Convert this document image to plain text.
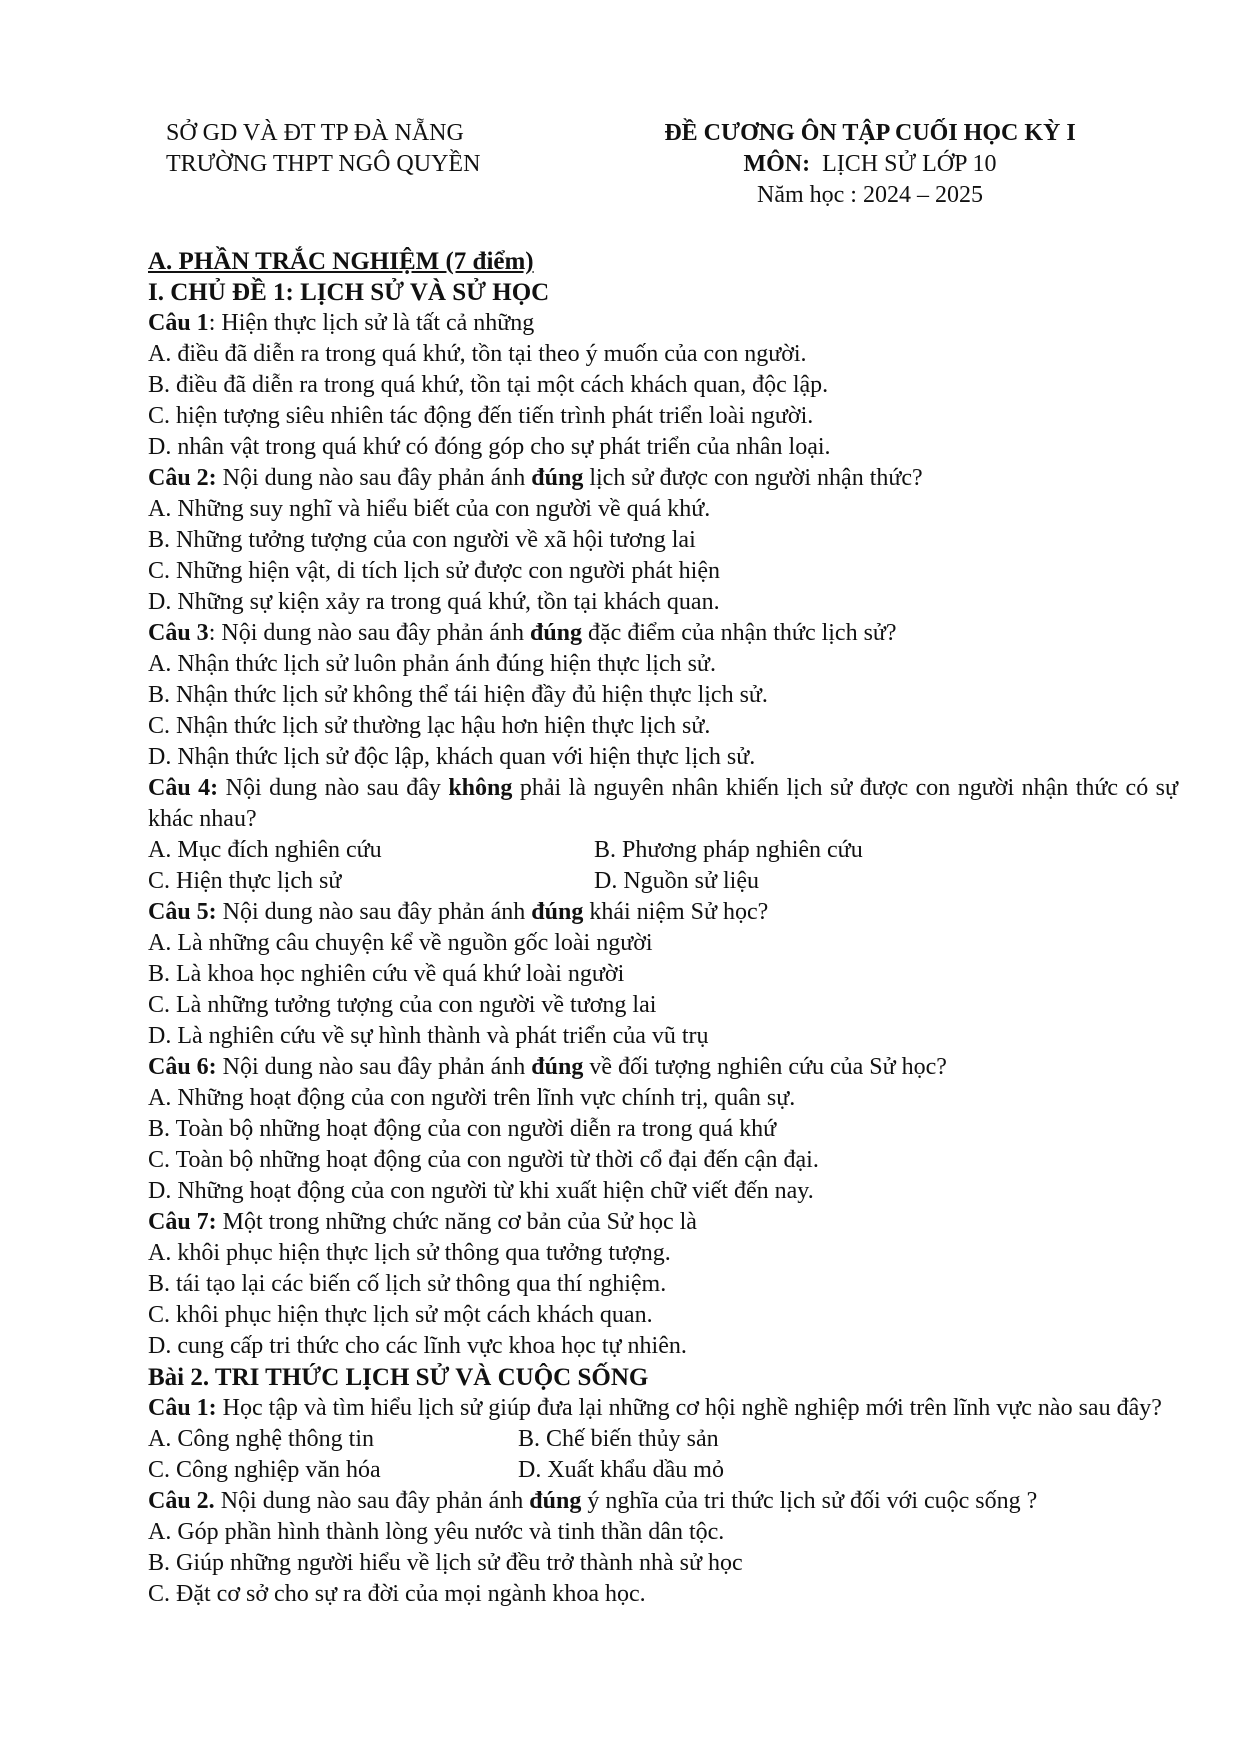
SỞ GD VÀ ĐT TP ĐÀ NẴNG
TRƯỜNG THPT NGÔ QUYỀN
ĐỀ CƯƠNG ÔN TẬP CUỐI HỌC KỲ I
MÔN: LỊCH SỬ LỚP 10
Năm học : 2024 – 2025
A. PHẦN TRẮC NGHIỆM (7 điểm)
I. CHỦ ĐỀ 1: LỊCH SỬ VÀ SỬ HỌC
Câu 1: Hiện thực lịch sử là tất cả những
A. điều đã diễn ra trong quá khứ, tồn tại theo ý muốn của con người.
B. điều đã diễn ra trong quá khứ, tồn tại một cách khách quan, độc lập.
C. hiện tượng siêu nhiên tác động đến tiến trình phát triển loài người.
D. nhân vật trong quá khứ có đóng góp cho sự phát triển của nhân loại.
Câu 2: Nội dung nào sau đây phản ánh đúng lịch sử được con người nhận thức?
A. Những suy nghĩ và hiểu biết của con người về quá khứ.
B. Những tưởng tượng của con người về xã hội tương lai
C. Những hiện vật, di tích lịch sử được con người phát hiện
D. Những sự kiện xảy ra trong quá khứ, tồn tại khách quan.
Câu 3: Nội dung nào sau đây phản ánh đúng đặc điểm của nhận thức lịch sử?
A. Nhận thức lịch sử luôn phản ánh đúng hiện thực lịch sử.
B. Nhận thức lịch sử không thể tái hiện đầy đủ hiện thực lịch sử.
C. Nhận thức lịch sử thường lạc hậu hơn hiện thực lịch sử.
D. Nhận thức lịch sử độc lập, khách quan với hiện thực lịch sử.
Câu 4: Nội dung nào sau đây không phải là nguyên nhân khiến lịch sử được con người nhận thức có sự khác nhau?
A. Mục đích nghiên cứu	B. Phương pháp nghiên cứu
C. Hiện thực lịch sử	D. Nguồn sử liệu
Câu 5: Nội dung nào sau đây phản ánh đúng khái niệm Sử học?
A. Là những câu chuyện kể về nguồn gốc loài người
B. Là khoa học nghiên cứu về quá khứ loài người
C. Là những tưởng tượng của con người về tương lai
D. Là nghiên cứu về sự hình thành và phát triển của vũ trụ
Câu 6: Nội dung nào sau đây phản ánh đúng về đối tượng nghiên cứu của Sử học?
A. Những hoạt động của con người trên lĩnh vực chính trị, quân sự.
B. Toàn bộ những hoạt động của con người diễn ra trong quá khứ
C. Toàn bộ những hoạt động của con người từ thời cổ đại đến cận đại.
D. Những hoạt động của con người từ khi xuất hiện chữ viết đến nay.
Câu 7: Một trong những chức năng cơ bản của Sử học là
A. khôi phục hiện thực lịch sử thông qua tưởng tượng.
B. tái tạo lại các biến cố lịch sử thông qua thí nghiệm.
C. khôi phục hiện thực lịch sử một cách khách quan.
D. cung cấp tri thức cho các lĩnh vực khoa học tự nhiên.
Bài 2. TRI THỨC LỊCH SỬ VÀ CUỘC SỐNG
Câu 1: Học tập và tìm hiểu lịch sử giúp đưa lại những cơ hội nghề nghiệp mới trên lĩnh vực nào sau đây?
A. Công nghệ thông tin	B. Chế biến thủy sản
C. Công nghiệp văn hóa	D. Xuất khẩu dầu mỏ
Câu 2. Nội dung nào sau đây phản ánh đúng ý nghĩa của tri thức lịch sử đối với cuộc sống ?
A. Góp phần hình thành lòng yêu nước và tinh thần dân tộc.
B. Giúp những người hiểu về lịch sử đều trở thành nhà sử học
C. Đặt cơ sở cho sự ra đời của mọi ngành khoa học.
